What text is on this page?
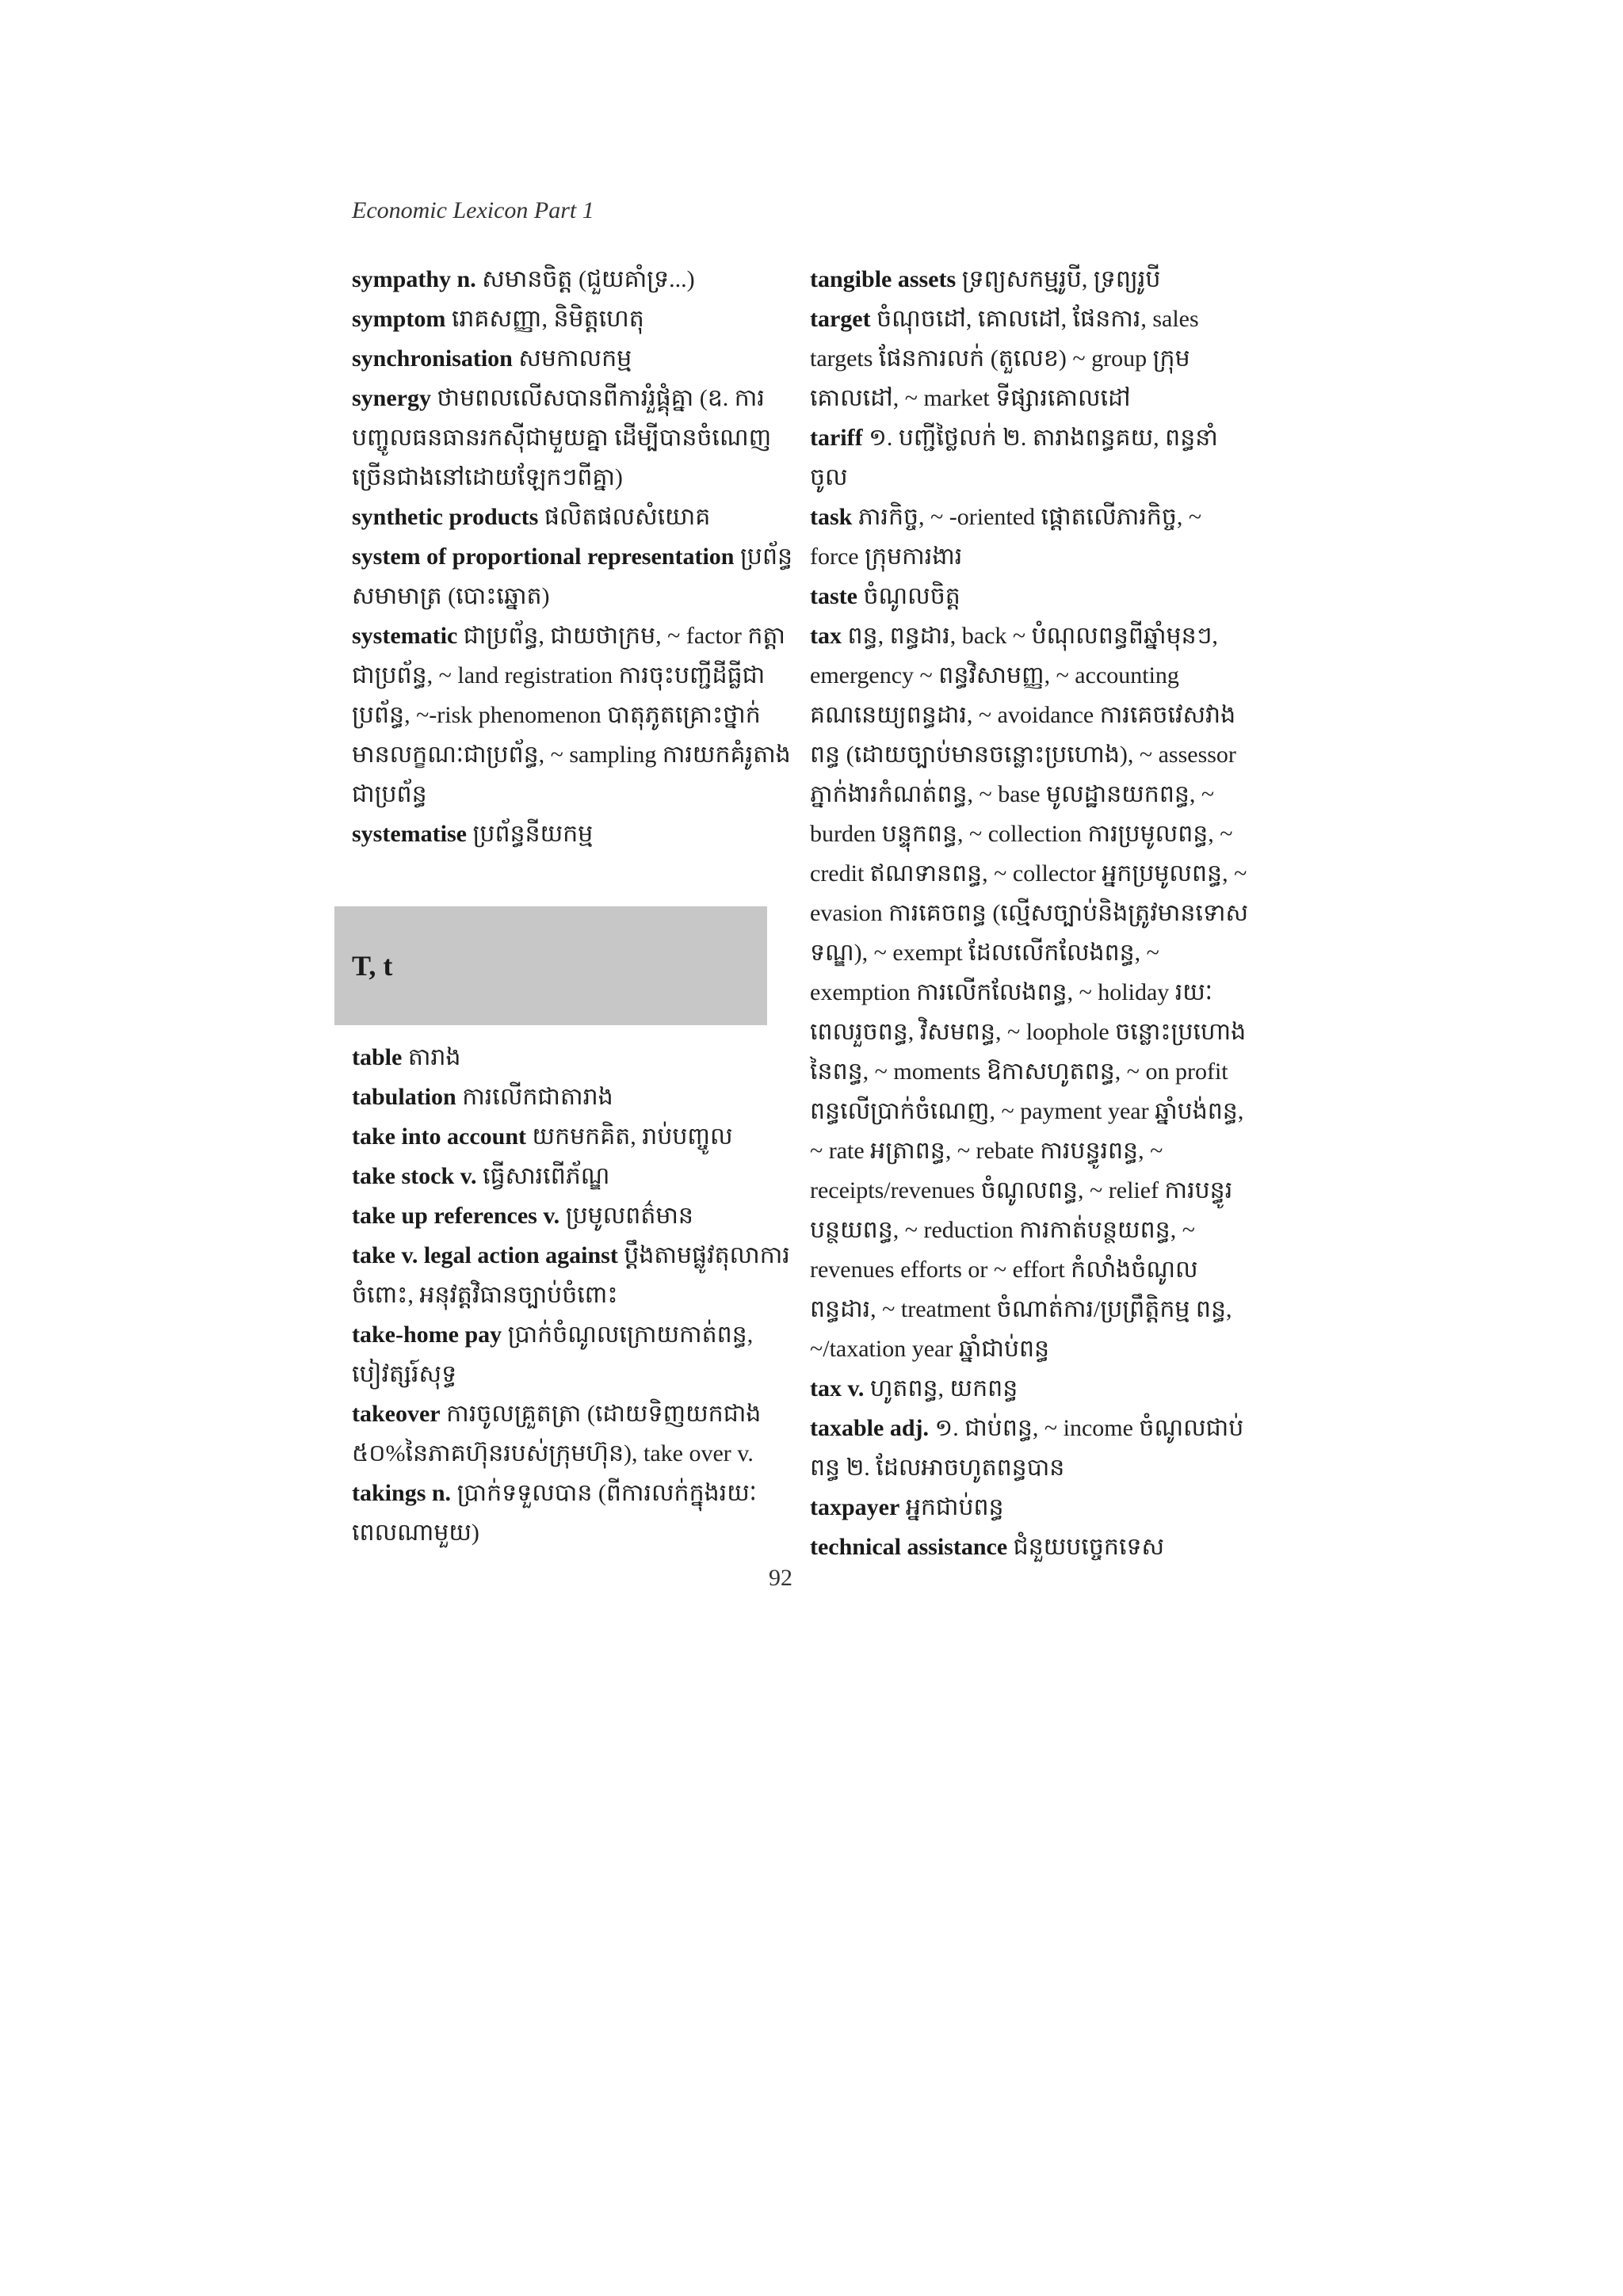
Economic Lexicon Part 1
sympathy n. សមានចិត្ត (ជួយគាំទ្រ...)
symptom រោគសញ្ញា, និមិត្តហេតុ
synchronisation សមកាលកម្ម
synergy ថាមពលលើសបានពីការរួំផ្គុំគ្នា (ឧ. ការបញ្ចូលធនធានរកស៊ីជាមួយគ្នា ដើម្បីបានចំណេញច្រើនជាងនៅដោយឡែកៗពីគ្នា)
synthetic products ផលិតផលសំយោគ
system of proportional representation ប្រព័ន្ធសមាមាត្រ (បោះឆ្នោត)
systematic ជាប្រព័ន្ធ, ជាយថាក្រម, ~ factor កត្តាជាប្រព័ន្ធ, ~ land registration ការចុះបញ្ជីដីធ្លីជាប្រព័ន្ធ, ~-risk phenomenon បាតុភូតគ្រោះថ្នាក់មានលក្ខណៈជាប្រព័ន្ធ, ~ sampling ការយកគំរូតាងជាប្រព័ន្ធ
systematise ប្រព័ន្ធនីយកម្ម
T, t
table តារាង
tabulation ការលើកជាតារាង
take into account យកមកគិត, រាប់បញ្ចូល
take stock v. ធ្វើសារពើភ័ណ្ឌ
take up references v. ប្រមូលពត៌មាន
take v. legal action against ប្តឹងតាមផ្លូវតុលាការចំពោះ, អនុវត្តវិធានច្បាប់ចំពោះ
take-home pay ប្រាក់ចំណូលក្រោយកាត់ពន្ធ, បៀវត្សរ៍សុទ្ធ
takeover ការចូលគ្រួតត្រា (ដោយទិញយកជាង ៥០%នៃភាគហ៊ុនរបស់ក្រុមហ៊ុន), take over v.
takings n. ប្រាក់ទទួលបាន (ពីការលក់ក្នុងរយៈពេលណាមួយ)
tangible assets ទ្រព្យសកម្មរូបី, ទ្រព្យរូបី
target ចំណុចដៅ, គោលដៅ, ផែនការ, sales targets ផែនការលក់ (តួលេខ) ~ group ក្រុមគោលដៅ, ~ market ទីផ្សារគោលដៅ
tariff ១. បញ្ជីថ្លៃលក់ ២. តារាងពន្ធគយ, ពន្ធនាំចូល
task ភារកិច្ច, ~ -oriented ផ្តោតលើភារកិច្ច, ~ force ក្រុមការងារ
taste ចំណូលចិត្ត
tax ពន្ធ, ពន្ធដារ, back ~ បំណុលពន្ធពីឆ្នាំមុនៗ, emergency ~ ពន្ធវិសាមញ្ញ, ~ accounting គណនេយ្យពន្ធដារ, ~ avoidance ការគេចវេសវាងពន្ធ (ដោយច្បាប់មានចន្លោះប្រហោង), ~ assessor ភ្នាក់ងារកំណត់ពន្ធ, ~ base មូលដ្ឋានយកពន្ធ, ~ burden បន្ទុកពន្ធ, ~ collection ការប្រមូលពន្ធ, ~ credit ឥណទានពន្ធ, ~ collector អ្នកប្រមូលពន្ធ, ~ evasion ការគេចពន្ធ (ល្មើសច្បាប់និងត្រូវមានទោសទណ្ឌ), ~ exempt ដែលលើកលែងពន្ធ, ~ exemption ការលើកលែងពន្ធ, ~ holiday រយៈពេលរួចពន្ធ, វិសមពន្ធ, ~ loophole ចន្លោះប្រហោងនៃពន្ធ, ~ moments ឱកាសហូតពន្ធ, ~ on profit ពន្ធលើប្រាក់ចំណេញ, ~ payment year ឆ្នាំបង់ពន្ធ, ~ rate អត្រាពន្ធ, ~ rebate ការបន្ធូរពន្ធ, ~ receipts/revenues ចំណូលពន្ធ, ~ relief ការបន្ធូរបន្ថយពន្ធ, ~ reduction ការកាត់បន្ថយពន្ធ, ~ revenues efforts or ~ effort កំលាំងចំណូលពន្ធដារ, ~ treatment ចំណាត់ការ/ប្រព្រឹត្តិកម្ម ពន្ធ, ~/taxation year ឆ្នាំជាប់ពន្ធ
tax v. ហូតពន្ធ, យកពន្ធ
taxable adj. ១. ជាប់ពន្ធ, ~ income ចំណូលជាប់ពន្ធ ២. ដែលអាចហូតពន្ធបាន
taxpayer អ្នកជាប់ពន្ធ
technical assistance ជំនួយបច្ចេកទេស
92
